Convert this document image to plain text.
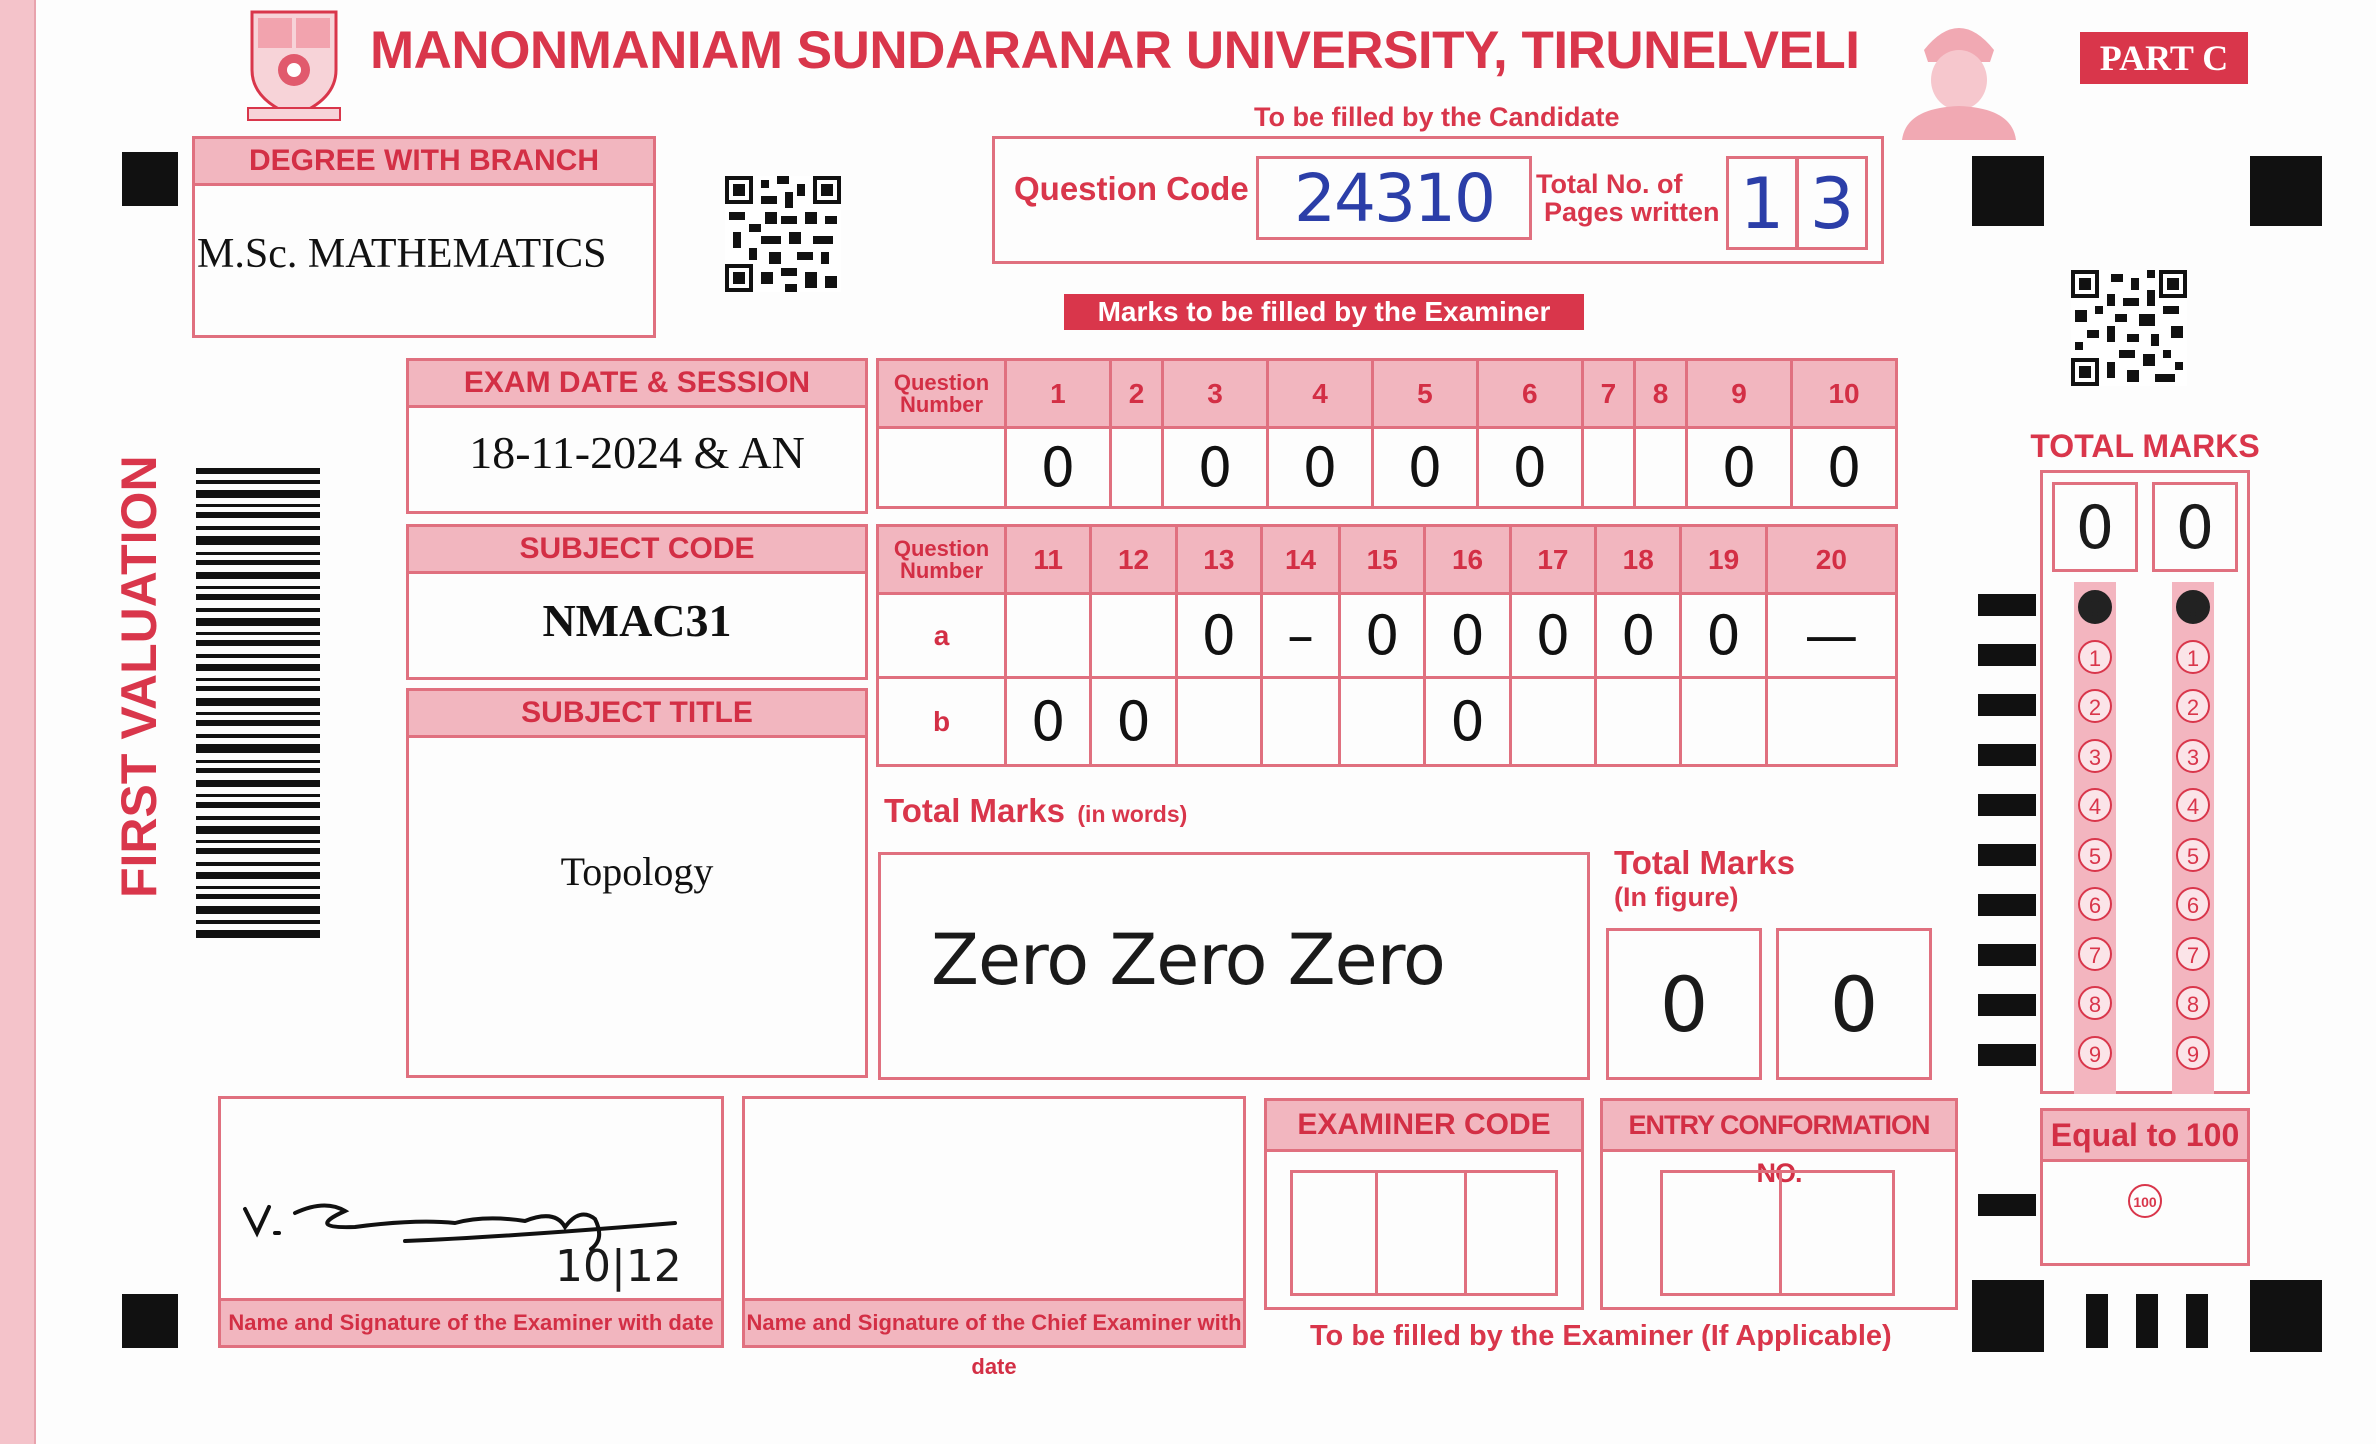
MANONMANIAM SUNDARANAR UNIVERSITY, TIRUNELVELI	PART C
To be filled by the Candidate
DEGREE WITH BRANCH
M.Sc. MATHEMATICS
Question Code 24310	Total No. of
Pages written 1 3
Marks to be filled by the Examiner
FIRST VALUATION
EXAM DATE & SESSION
18-11-2024 & AN
SUBJECT CODE
NMAC31
SUBJECT TITLE
Topology
Question
Number	1	2	3	4	5	6	7	8	9	10
	0		0	0	0	0			0	0
Question
Number	11	12	13	14	15	16	17	18	19	20
a			0	–	0	0	0	0	0	—
b	0	0				0				
Total Marks (in words)
Zero Zero Zero
Total Marks
(In figure)
0	0
TOTAL MARKS
0	0
0
1
2
3
4
5
6
7
8
9
0
1
2
3
4
5
6
7
8
9
Equal to 100
100
10|12
Name and Signature of the Examiner with date	Name and Signature of the Chief Examiner with date
EXAMINER CODE	ENTRY CONFORMATION NO.
To be filled by the Examiner (If Applicable)
